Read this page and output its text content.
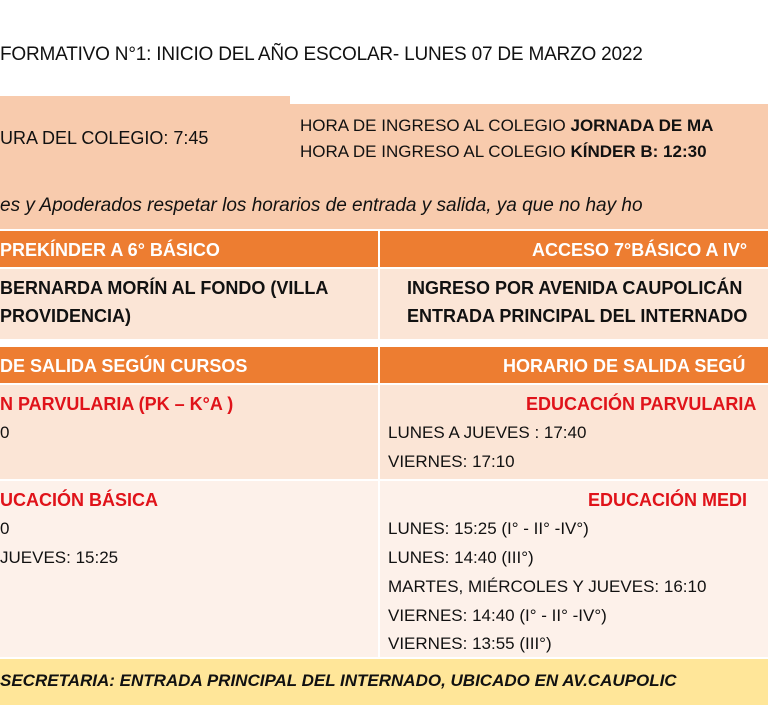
FORMATIVO N°1: INICIO DEL AÑO ESCOLAR- LUNES 07 DE MARZO 2022
URA DEL COLEGIO: 7:45
HORA DE INGRESO AL COLEGIO JORNADA DE MA
HORA DE INGRESO AL COLEGIO KÍNDER B: 12:30
es y Apoderados respetar los horarios de entrada y salida, ya que no hay ho
PREKÍNDER A 6° BÁSICO	ACCESO 7°BÁSICO A IV°
BERNARDA MORÍN AL FONDO (VILLA
PROVIDENCIA)
INGRESO POR AVENIDA CAUPOLICÁN
ENTRADA PRINCIPAL DEL INTERNADO
DE SALIDA SEGÚN CURSOS	HORARIO DE SALIDA SEGÚ
N PARVULARIA (PK – K°A )
0
EDUCACIÓN PARVULARIA
LUNES A JUEVES : 17:40
VIERNES: 17:10
UCACIÓN BÁSICA
0
JUEVES: 15:25
EDUCACIÓN MEDI
LUNES: 15:25 (I° - II° -IV°)
LUNES: 14:40 (III°)
MARTES, MIÉRCOLES Y JUEVES: 16:10
VIERNES: 14:40 (I° - II° -IV°)
VIERNES: 13:55 (III°)
SECRETARIA: ENTRADA PRINCIPAL DEL INTERNADO, UBICADO EN AV.CAUPOLIC
